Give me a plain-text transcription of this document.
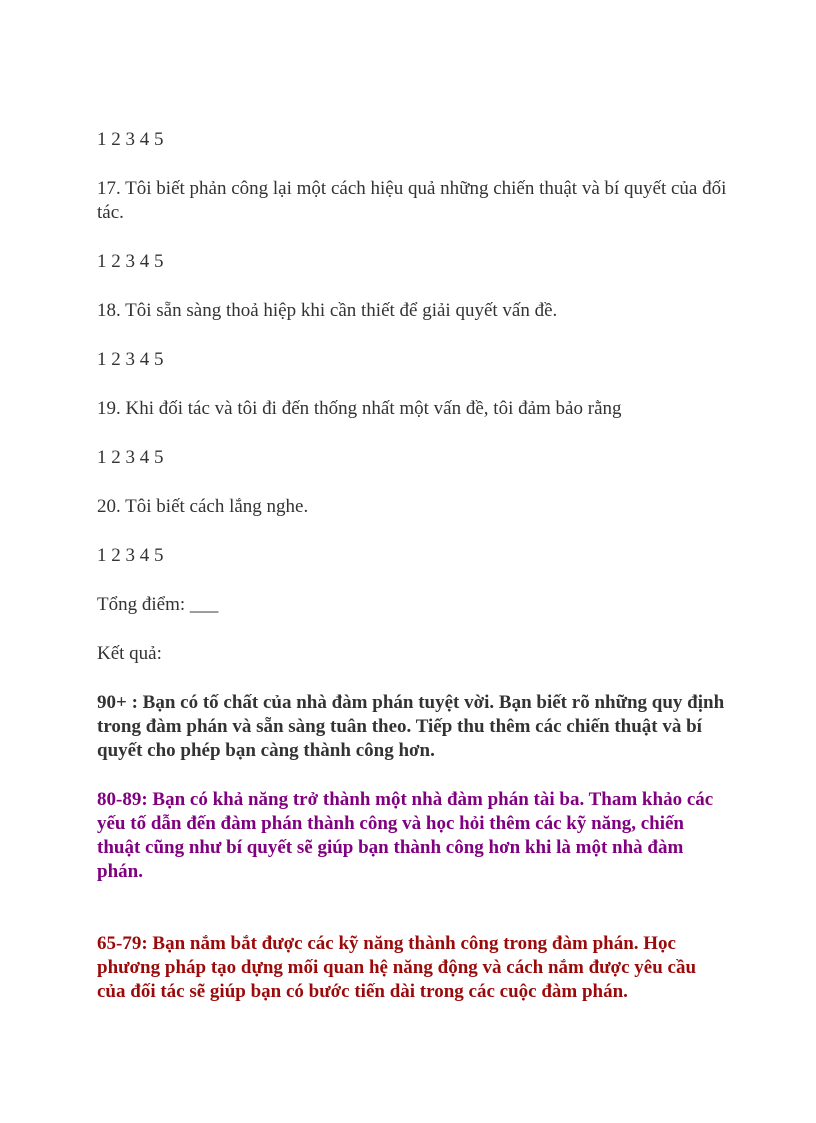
1 2 3 4 5

17. Tôi biết phản công lại một cách hiệu quả những chiến thuật và bí quyết của đối tác.

1 2 3 4 5

18. Tôi sẵn sàng thoả hiệp khi cần thiết để giải quyết vấn đề.

1 2 3 4 5

19. Khi đối tác và tôi đi đến thống nhất một vấn đề, tôi đảm bảo rằng

1 2 3 4 5

20. Tôi biết cách lắng nghe.

1 2 3 4 5

Tổng điểm: ___

Kết quả:

90+ : Bạn có tố chất của nhà đàm phán tuyệt vời. Bạn biết rõ những quy định trong đàm phán và sẵn sàng tuân theo. Tiếp thu thêm các chiến thuật và bí quyết cho phép bạn càng thành công hơn.

80-89: Bạn có khả năng trở thành một nhà đàm phán tài ba. Tham khảo các yếu tố dẫn đến đàm phán thành công và học hỏi thêm các kỹ năng, chiến thuật cũng như bí quyết sẽ giúp bạn thành công hơn khi là một nhà đàm phán.

65-79: Bạn nắm bắt được các kỹ năng thành công trong đàm phán. Học phương pháp tạo dựng mối quan hệ năng động và cách nắm được yêu cầu của đối tác sẽ giúp bạn có bước tiến dài trong các cuộc đàm phán.
